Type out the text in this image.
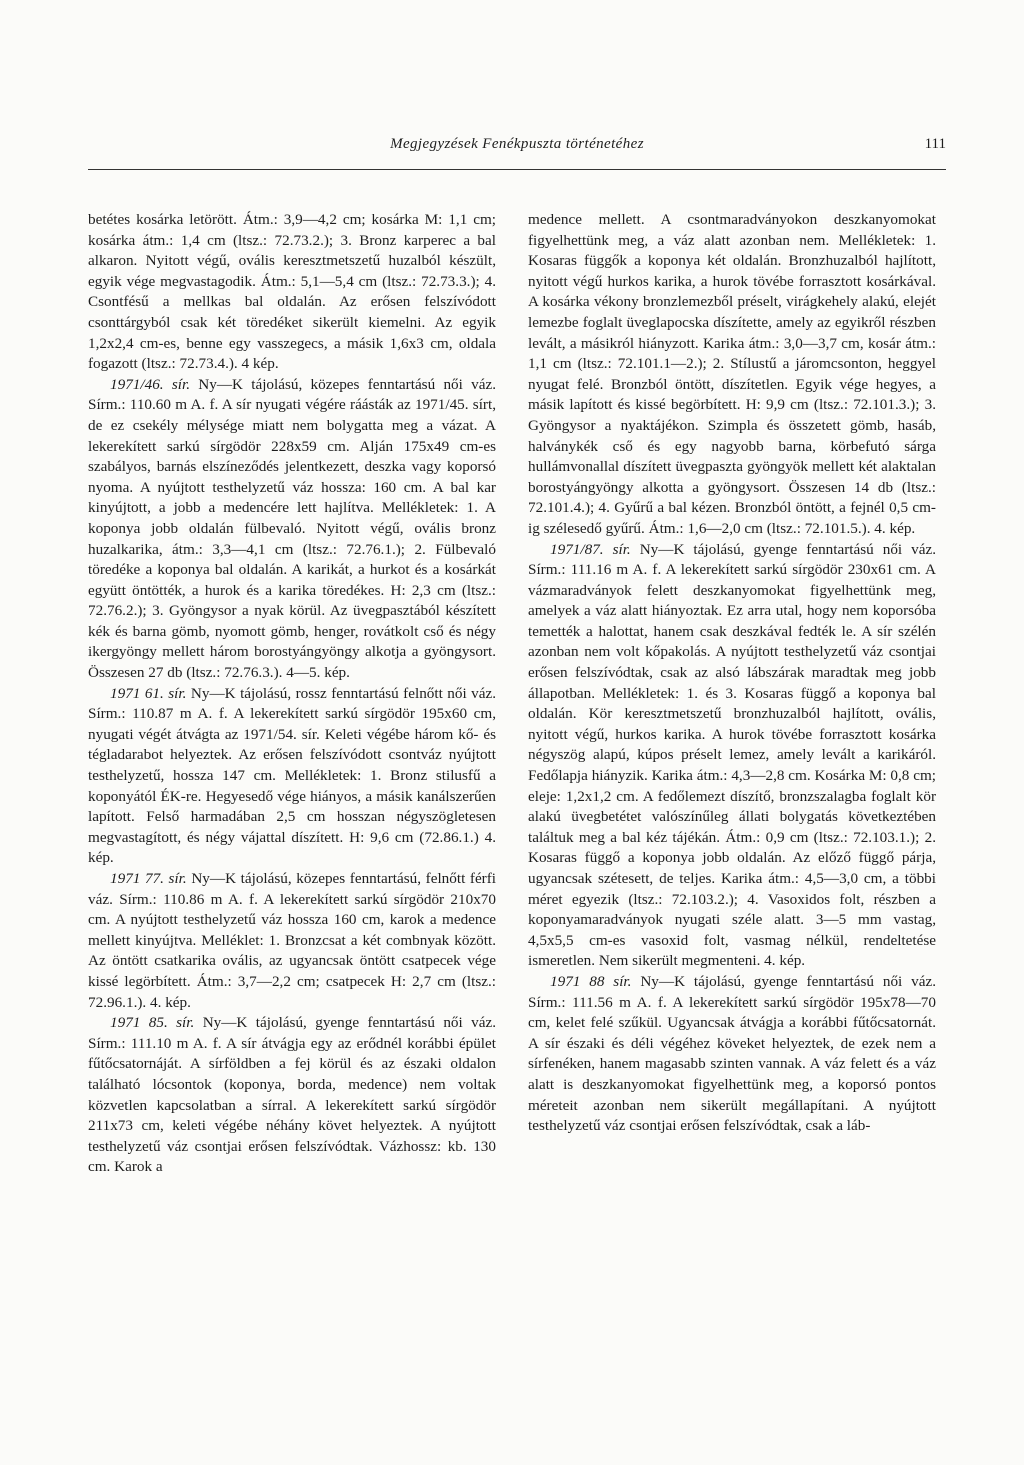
Megjegyzések Fenékpuszta történetéhez	111

betétes kosárka letörött. Átm.: 3,9—4,2 cm; kosárka M: 1,1 cm; kosárka átm.: 1,4 cm (ltsz.: 72.73.2.); 3. Bronz karperec a bal alkaron. Nyitott végű, ovális keresztmetszetű huzalból készült, egyik vége megvastagodik. Átm.: 5,1—5,4 cm (ltsz.: 72.73.3.); 4. Csontfésű a mellkas bal oldalán. Az erősen felszívódott csonttárgyból csak két töredéket sikerült kiemelni. Az egyik 1,2x2,4 cm-es, benne egy vasszegecs, a másik 1,6x3 cm, oldala fogazott (ltsz.: 72.73.4.). 4 kép.

1971/46. sír. Ny—K tájolású, közepes fenntartású női váz. Sírm.: 110.60 m A. f. A sír nyugati végére ráásták az 1971/45. sírt, de ez csekély mélysége miatt nem bolygatta meg a vázat. A lekerekített sarkú sírgödör 228x59 cm. Alján 175x49 cm-es szabályos, barnás elszíneződés jelentkezett, deszka vagy koporsó nyoma. A nyújtott testhelyzetű váz hossza: 160 cm. A bal kar kinyújtott, a jobb a medencére lett hajlítva. Mellékletek: 1. A koponya jobb oldalán fülbevaló. Nyitott végű, ovális bronz huzalkarika, átm.: 3,3—4,1 cm (ltsz.: 72.76.1.); 2. Fülbevaló töredéke a koponya bal oldalán. A karikát, a hurkot és a kosárkát együtt öntötték, a hurok és a karika töredékes. H: 2,3 cm (ltsz.: 72.76.2.); 3. Gyöngysor a nyak körül. Az üvegpasztából készített kék és barna gömb, nyomott gömb, henger, rovátkolt cső és négy ikergyöngy mellett három borostyángyöngy alkotja a gyöngysort. Összesen 27 db (ltsz.: 72.76.3.). 4—5. kép.

1971 61. sír. Ny—K tájolású, rossz fenntartású felnőtt női váz. Sírm.: 110.87 m A. f. A lekerekített sarkú sírgödör 195x60 cm, nyugati végét átvágta az 1971/54. sír. Keleti végébe három kő- és tégladarabot helyeztek. Az erősen felszívódott csontváz nyújtott testhelyzetű, hossza 147 cm. Mellékletek: 1. Bronz stilusfű a koponyától ÉK-re. Hegyesedő vége hiányos, a másik kanálszerűen lapított. Felső harmadában 2,5 cm hosszan négyszögletesen megvastagított, és négy vájattal díszített. H: 9,6 cm (72.86.1.) 4. kép.

1971 77. sír. Ny—K tájolású, közepes fenntartású, felnőtt férfi váz. Sírm.: 110.86 m A. f. A lekerekített sarkú sírgödör 210x70 cm. A nyújtott testhelyzetű váz hossza 160 cm, karok a medence mellett kinyújtva. Melléklet: 1. Bronzcsat a két combnyak között. Az öntött csatkarika ovális, az ugyancsak öntött csatpecek vége kissé legörbített. Átm.: 3,7—2,2 cm; csatpecek H: 2,7 cm (ltsz.: 72.96.1.). 4. kép.

1971 85. sír. Ny—K tájolású, gyenge fenntartású női váz. Sírm.: 111.10 m A. f. A sír átvágja egy az erődnél korábbi épület fűtőcsatornáját. A sírföldben a fej körül és az északi oldalon található lócsontok (koponya, borda, medence) nem voltak közvetlen kapcsolatban a sírral. A lekerekített sarkú sírgödör 211x73 cm, keleti végébe néhány követ helyeztek. A nyújtott testhelyzetű váz csontjai erősen felszívódtak. Vázhossz: kb. 130 cm. Karok a

medence mellett. A csontmaradványokon deszkanyomokat figyelhettünk meg, a váz alatt azonban nem. Mellékletek: 1. Kosaras függők a koponya két oldalán. Bronzhuzalból hajlított, nyitott végű hurkos karika, a hurok tövébe forrasztott kosárkával. A kosárka vékony bronzlemezből préselt, virágkehely alakú, elejét lemezbe foglalt üveglapocska díszítette, amely az egyikről részben levált, a másikról hiányzott. Karika átm.: 3,0—3,7 cm, kosár átm.: 1,1 cm (ltsz.: 72.101.1—2.); 2. Stílustű a járomcsonton, heggyel nyugat felé. Bronzból öntött, díszítetlen. Egyik vége hegyes, a másik lapított és kissé begörbített. H: 9,9 cm (ltsz.: 72.101.3.); 3. Gyöngysor a nyaktájékon. Szimpla és összetett gömb, hasáb, halványkék cső és egy nagyobb barna, körbefutó sárga hullámvonallal díszített üvegpaszta gyöngyök mellett két alaktalan borostyángyöngy alkotta a gyöngysort. Összesen 14 db (ltsz.: 72.101.4.); 4. Gyűrű a bal kézen. Bronzból öntött, a fejnél 0,5 cm-ig szélesedő gyűrű. Átm.: 1,6—2,0 cm (ltsz.: 72.101.5.). 4. kép.

1971/87. sír. Ny—K tájolású, gyenge fenntartású női váz. Sírm.: 111.16 m A. f. A lekerekített sarkú sírgödör 230x61 cm. A vázmaradványok felett deszkanyomokat figyelhettünk meg, amelyek a váz alatt hiányoztak. Ez arra utal, hogy nem koporsóba temették a halottat, hanem csak deszkával fedték le. A sír szélén azonban nem volt kőpakolás. A nyújtott testhelyzetű váz csontjai erősen felszívódtak, csak az alsó lábszárak maradtak meg jobb állapotban. Mellékletek: 1. és 3. Kosaras függő a koponya bal oldalán. Kör keresztmetszetű bronzhuzalból hajlított, ovális, nyitott végű, hurkos karika. A hurok tövébe forrasztott kosárka négyszög alapú, kúpos préselt lemez, amely levált a karikáról. Fedőlapja hiányzik. Karika átm.: 4,3—2,8 cm. Kosárka M: 0,8 cm; eleje: 1,2x1,2 cm. A fedőlemezt díszítő, bronzszalagba foglalt kör alakú üvegbetétet valószínűleg állati bolygatás következtében találtuk meg a bal kéz tájékán. Átm.: 0,9 cm (ltsz.: 72.103.1.); 2. Kosaras függő a koponya jobb oldalán. Az előző függő párja, ugyancsak szétesett, de teljes. Karika átm.: 4,5—3,0 cm, a többi méret egyezik (ltsz.: 72.103.2.); 4. Vasoxidos folt, részben a koponyamaradványok nyugati széle alatt. 3—5 mm vastag, 4,5x5,5 cm-es vasoxid folt, vasmag nélkül, rendeltetése ismeretlen. Nem sikerült megmenteni. 4. kép.

1971 88 sír. Ny—K tájolású, gyenge fenntartású női váz. Sírm.: 111.56 m A. f. A lekerekített sarkú sírgödör 195x78—70 cm, kelet felé szűkül. Ugyancsak átvágja a korábbi fűtőcsatornát. A sír északi és déli végéhez köveket helyeztek, de ezek nem a sírfenéken, hanem magasabb szinten vannak. A váz felett és a váz alatt is deszkanyomokat figyelhettünk meg, a koporsó pontos méreteit azonban nem sikerült megállapítani. A nyújtott testhelyzetű váz csontjai erősen felszívódtak, csak a láb-
